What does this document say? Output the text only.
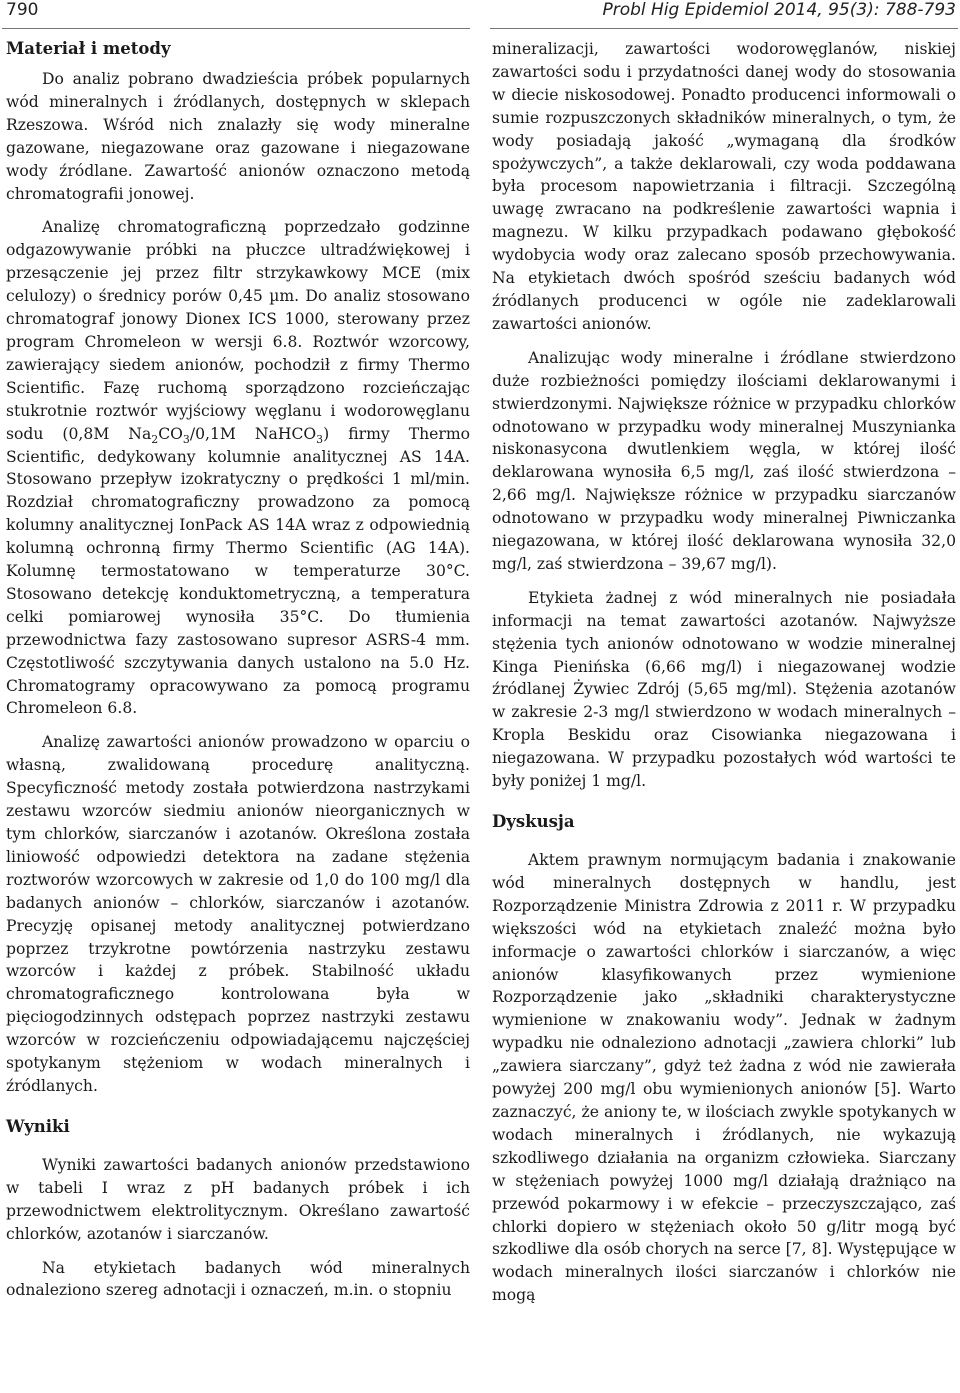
790	Probl Hig Epidemiol 2014, 95(3): 788-793
Materiał i metody

Do analiz pobrano dwadzieścia próbek popularnych wód mineralnych i źródlanych, dostępnych w sklepach Rzeszowa. Wśród nich znalazły się wody mineralne gazowane, niegazowane oraz gazowane i niegazowane wody źródlane. Zawartość anionów oznaczono metodą chromatografii jonowej.

Analizę chromatograficzną poprzedzało godzinne odgazowywanie próbki na płuczce ultradźwiękowej i przesączenie jej przez filtr strzykawkowy MCE (mix celulozy) o średnicy porów 0,45 µm. Do analiz stosowano chromatograf jonowy Dionex ICS 1000, sterowany przez program Chromeleon w wersji 6.8. Roztwór wzorcowy, zawierający siedem anionów, pochodził z firmy Thermo Scientific. Fazę ruchomą sporządzono rozcieńczając stukrotnie roztwór wyjściowy węglanu i wodorowęglanu sodu (0,8M $Na_2CO_3/0,1M$ NaHCO$_3$) firmy Thermo Scientific, dedykowany kolumnie analitycznej AS 14A. Stosowano przepływ izokratyczny o prędkości 1 ml/min. Rozdział chromatograficzny prowadzono za pomocą kolumny analitycznej IonPack AS 14A wraz z odpowiednią kolumną ochronną firmy Thermo Scientific (AG 14A). Kolumnę termostatowano w temperaturze 30°C. Stosowano detekcję konduktometryczną, a temperatura celki pomiarowej wynosiła 35°C. Do tłumienia przewodnictwa fazy zastosowano supresor ASRS-4 mm. Częstotliwość szczytywania danych ustalono na 5.0 Hz. Chromatogramy opracowywano za pomocą programu Chromeleon 6.8.

Analizę zawartości anionów prowadzono w oparciu o własną, zwalidowaną procedurę analityczną. Specyficzność metody została potwierdzona nastrzykami zestawu wzorców siedmiu anionów nieorganicznych w tym chlorków, siarczanów i azotanów. Określona została liniowość odpowiedzi detektora na zadane stężenia roztworów wzorcowych w zakresie od 1,0 do 100 mg/l dla badanych anionów – chlorków, siarczanów i azotanów. Precyzję opisanej metody analitycznej potwierdzano poprzez trzykrotne powtórzenia nastrzyku zestawu wzorców i każdej z próbek. Stabilność układu chromatograficznego kontrolowana była w pięciogodzinnych odstępach poprzez nastrzyki zestawu wzorców w rozcieńczeniu odpowiadającemu najczęściej spotykanym stężeniom w wodach mineralnych i źródlanych.

Wyniki

Wyniki zawartości badanych anionów przedstawiono w tabeli I wraz z pH badanych próbek i ich przewodnictwem elektrolitycznym. Określano zawartość chlorków, azotanów i siarczanów.

Na etykietach badanych wód mineralnych odnaleziono szereg adnotacji i oznaczeń, m.in. o stopniu

mineralizacji, zawartości wodorowęglanów, niskiej zawartości sodu i przydatności danej wody do stosowania w diecie niskosodowej. Ponadto producenci informowali o sumie rozpuszczonych składników mineralnych, o tym, że wody posiadają jakość „wymaganą dla środków spożywczych”, a także deklarowali, czy woda poddawana była procesom napowietrzania i filtracji. Szczególną uwagę zwracano na podkreślenie zawartości wapnia i magnezu. W kilku przypadkach podawano głębokość wydobycia wody oraz zalecano sposób przechowywania. Na etykietach dwóch spośród sześciu badanych wód źródlanych producenci w ogóle nie zadeklarowali zawartości anionów.

Analizując wody mineralne i źródlane stwierdzono duże rozbieżności pomiędzy ilościami deklarowanymi i stwierdzonymi. Największe różnice w przypadku chlorków odnotowano w przypadku wody mineralnej Muszynianka niskonasycona dwutlenkiem węgla, w której ilość deklarowana wynosiła 6,5 mg/l, zaś ilość stwierdzona – 2,66 mg/l. Największe różnice w przypadku siarczanów odnotowano w przypadku wody mineralnej Piwniczanka niegazowana, w której ilość deklarowana wynosiła 32,0 mg/l, zaś stwierdzona – 39,67 mg/l).

Etykieta żadnej z wód mineralnych nie posiadała informacji na temat zawartości azotanów. Najwyższe stężenia tych anionów odnotowano w wodzie mineralnej Kinga Pienińska (6,66 mg/l) i niegazowanej wodzie źródlanej Żywiec Zdrój (5,65 mg/ml). Stężenia azotanów w zakresie 2-3 mg/l stwierdzono w wodach mineralnych – Kropla Beskidu oraz Cisowianka niegazowana i niegazowana. W przypadku pozostałych wód wartości te były poniżej 1 mg/l.

Dyskusja

Aktem prawnym normującym badania i znakowanie wód mineralnych dostępnych w handlu, jest Rozporządzenie Ministra Zdrowia z 2011 r. W przypadku większości wód na etykietach znaleźć można było informacje o zawartości chlorków i siarczanów, a więc anionów klasyfikowanych przez wymienione Rozporządzenie jako „składniki charakterystyczne wymienione w znakowaniu wody”. Jednak w żadnym wypadku nie odnaleziono adnotacji „zawiera chlorki” lub „zawiera siarczany”, gdyż też żadna z wód nie zawierała powyżej 200 mg/l obu wymienionych anionów [5]. Warto zaznaczyć, że aniony te, w ilościach zwykle spotykanych w wodach mineralnych i źródlanych, nie wykazują szkodliwego działania na organizm człowieka. Siarczany w stężeniach powyżej 1000 mg/l działają drażniąco na przewód pokarmowy i w efekcie – przeczyszczająco, zaś chlorki dopiero w stężeniach około 50 g/litr mogą być szkodliwe dla osób chorych na serce [7, 8]. Występujące w wodach mineralnych ilości siarczanów i chlorków nie mogą
